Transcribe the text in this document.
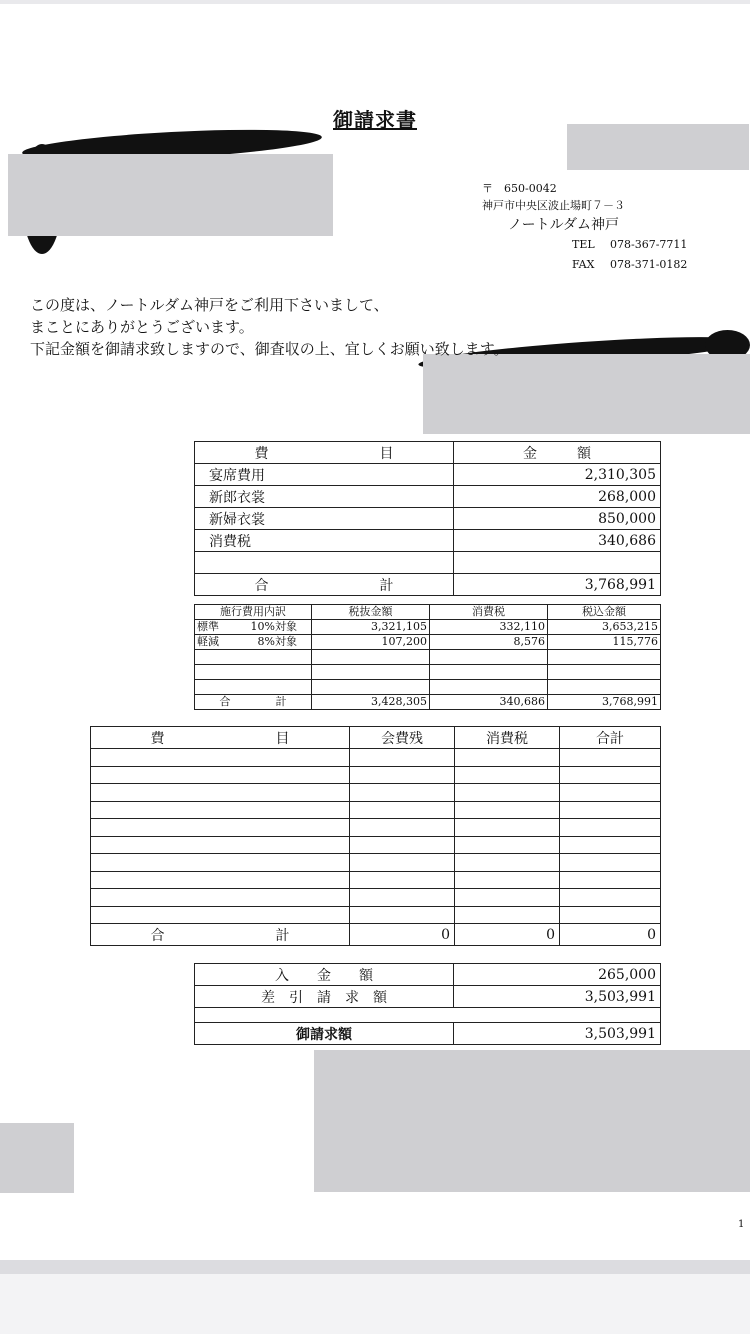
御請求書
〒　650-0042
神戸市中央区波止場町７－３
ノートルダム神戸
TEL 078-367-7711
FAX 078-371-0182
この度は、ノートルダム神戸をご利用下さいまして、
まことにありがとうございます。
下記金額を御請求致しますので、御査収の上、宜しくお願い致します。
費 目	金 額

宴席費用	2,310,305
新郎衣裳	268,000
新婦衣裳	850,000
消費税	340,686

合 計	3,768,991
施行費用内訳	税抜金額	消費税	税込金額
標準 10%対象	3,321,105	332,110	3,653,215
軽減 8%対象	107,200	8,576	115,776

合 計	3,428,305	340,686	3,768,991
費 目	会費残	消費税	合計

合 計	0	0	0
入　　金　　額	265,000
差　引　請　求　額	3,503,991

御請求額	3,503,991
1
